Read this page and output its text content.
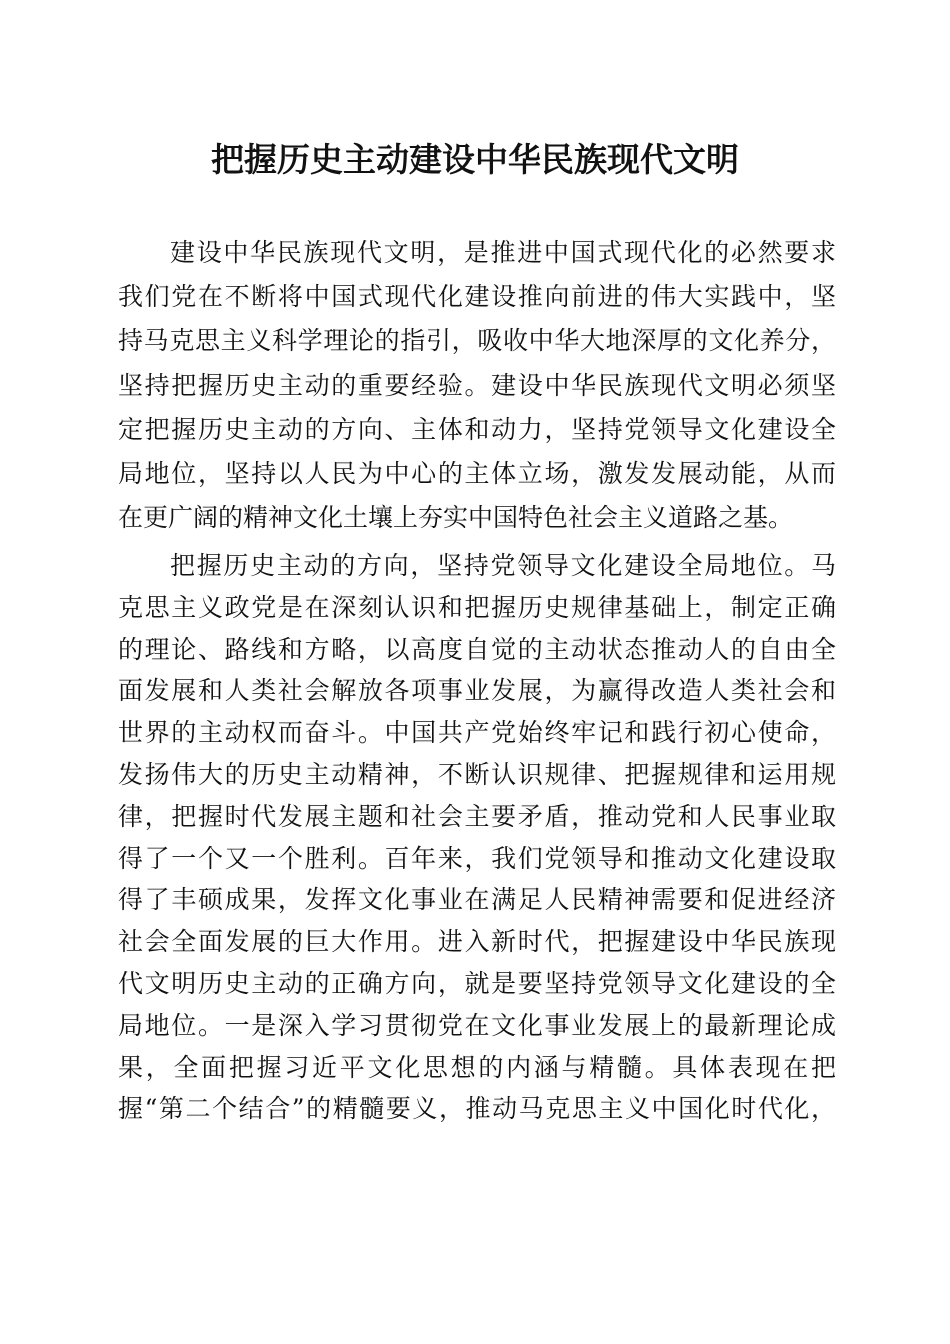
把握历史主动建设中华民族现代文明
建设中华民族现代文明，是推进中国式现代化的必然要求
我们党在不断将中国式现代化建设推向前进的伟大实践中，坚
持马克思主义科学理论的指引，吸收中华大地深厚的文化养分，
坚持把握历史主动的重要经验。建设中华民族现代文明必须坚
定把握历史主动的方向、主体和动力，坚持党领导文化建设全
局地位，坚持以人民为中心的主体立场，激发发展动能，从而
在更广阔的精神文化土壤上夯实中国特色社会主义道路之基。
把握历史主动的方向，坚持党领导文化建设全局地位。马
克思主义政党是在深刻认识和把握历史规律基础上，制定正确
的理论、路线和方略，以高度自觉的主动状态推动人的自由全
面发展和人类社会解放各项事业发展，为赢得改造人类社会和
世界的主动权而奋斗。中国共产党始终牢记和践行初心使命，
发扬伟大的历史主动精神，不断认识规律、把握规律和运用规
律，把握时代发展主题和社会主要矛盾，推动党和人民事业取
得了一个又一个胜利。百年来，我们党领导和推动文化建设取
得了丰硕成果，发挥文化事业在满足人民精神需要和促进经济
社会全面发展的巨大作用。进入新时代，把握建设中华民族现
代文明历史主动的正确方向，就是要坚持党领导文化建设的全
局地位。一是深入学习贯彻党在文化事业发展上的最新理论成
果，全面把握习近平文化思想的内涵与精髓。具体表现在把
握“第二个结合”的精髓要义，推动马克思主义中国化时代化，
